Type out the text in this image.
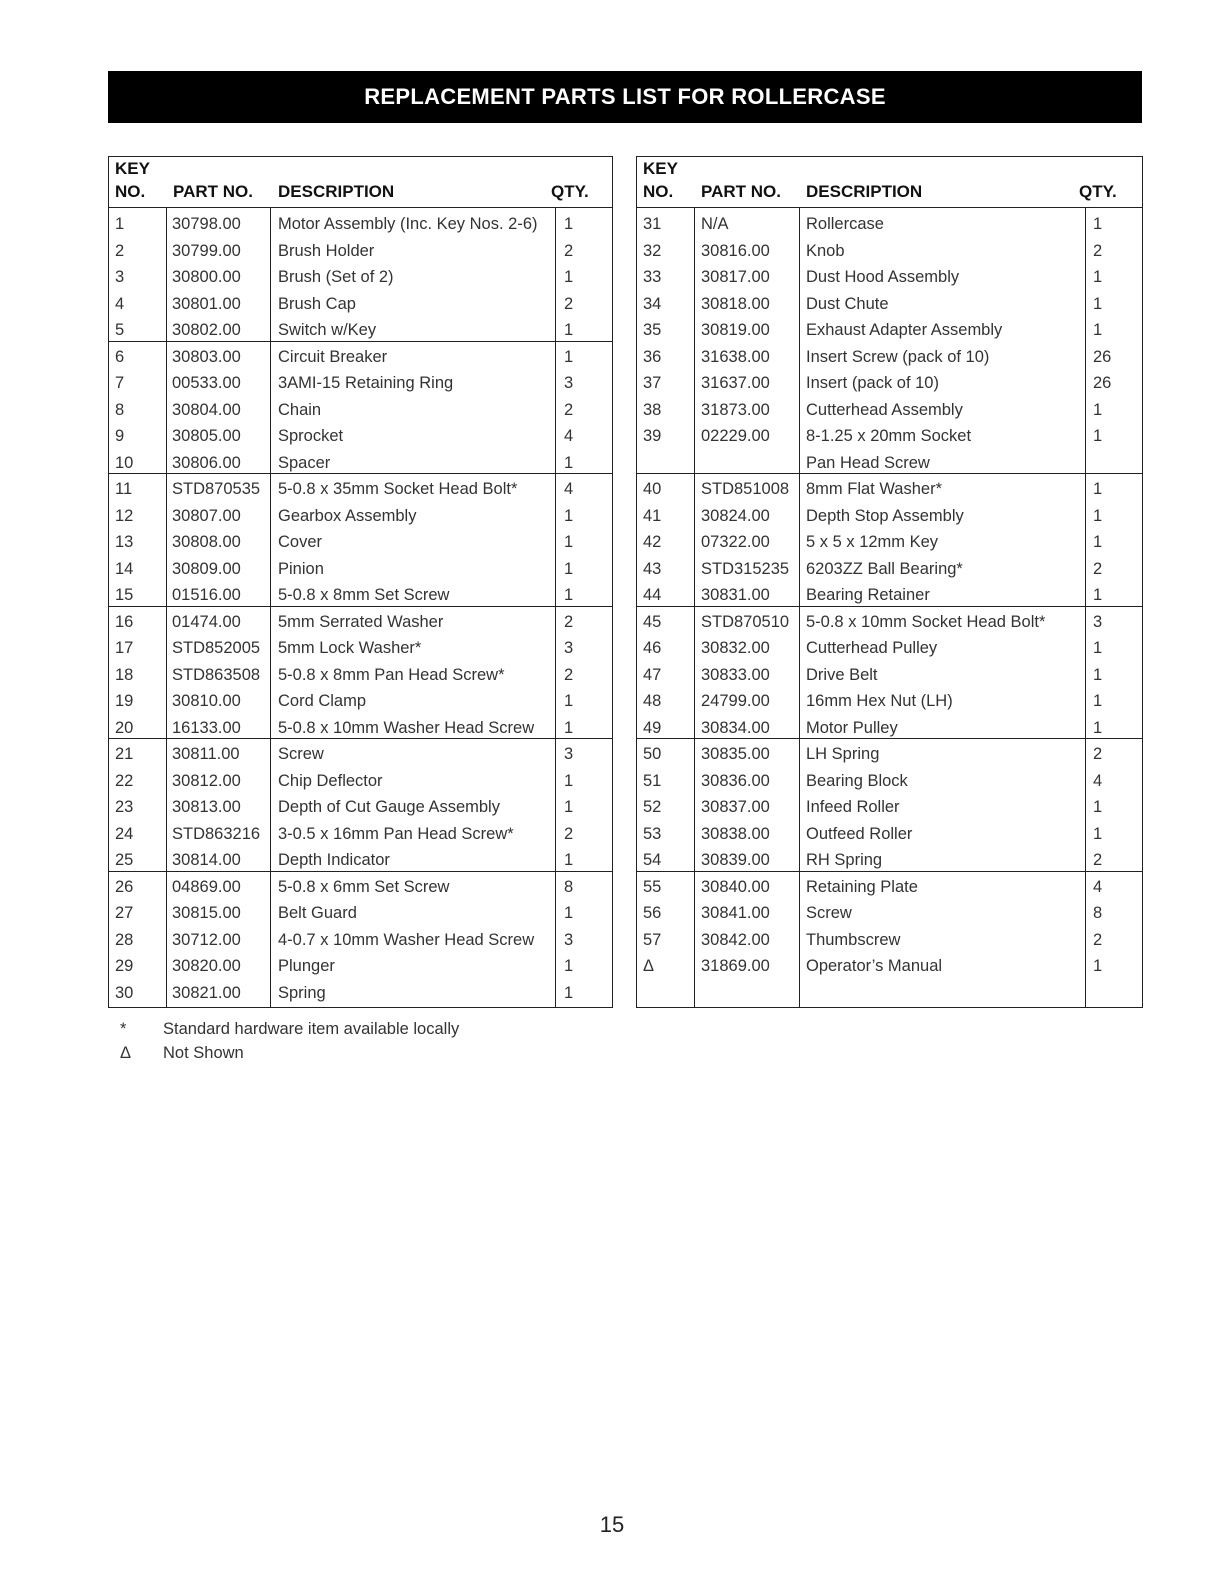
REPLACEMENT PARTS LIST FOR ROLLERCASE
KEY
NO. PART NO. DESCRIPTION	QTY.
1	30798.00 Motor Assembly (Inc. Key Nos. 2-6) 1
2	30799.00 Brush Holder	2
3	30800.00 Brush (Set of 2)	1
4	30801.00 Brush Cap	2
5	30802.00 Switch w/Key	1
6	30803.00 Circuit Breaker	1
7	00533.00 3AMI-15 Retaining Ring	3
8	30804.00 Chain	2
9	30805.00 Sprocket	4
10 30806.00 Spacer	1
11 STD870535 5-0.8 x 35mm Socket Head Bolt*	4
12 30807.00 Gearbox Assembly	1
13 30808.00 Cover	1
14 30809.00 Pinion	1
15 01516.00 5-0.8 x 8mm Set Screw	1
16 01474.00 5mm Serrated Washer	2
17 STD852005 5mm Lock Washer*	3
18 STD863508 5-0.8 x 8mm Pan Head Screw*	2
19 30810.00 Cord Clamp	1
20 16133.00 5-0.8 x 10mm Washer Head Screw 1
21 30811.00 Screw	3
22 30812.00 Chip Deflector	1
23 30813.00 Depth of Cut Gauge Assembly	1
24 STD863216 3-0.5 x 16mm Pan Head Screw*	2
25 30814.00 Depth Indicator	1
26 04869.00 5-0.8 x 6mm Set Screw	8
27 30815.00 Belt Guard	1
28 30712.00 4-0.7 x 10mm Washer Head Screw 3
29 30820.00 Plunger	1
30 30821.00 Spring	1
KEY
NO. PART NO. DESCRIPTION	QTY.
31 N/A	Rollercase	1
32 30816.00 Knob	2
33 30817.00 Dust Hood Assembly	1
34 30818.00 Dust Chute	1
35 30819.00 Exhaust Adapter Assembly	1
36 31638.00 Insert Screw (pack of 10)	26
37 31637.00 Insert (pack of 10)	26
38 31873.00 Cutterhead Assembly	1
39 02229.00 8-1.25 x 20mm Socket	1
Pan Head Screw
40 STD851008 8mm Flat Washer*	1
41 30824.00 Depth Stop Assembly	1
42 07322.00 5 x 5 x 12mm Key	1
43 STD315235 6203ZZ Ball Bearing*	2
44 30831.00 Bearing Retainer	1
45 STD870510 5-0.8 x 10mm Socket Head Bolt*	3
46 30832.00 Cutterhead Pulley	1
47 30833.00 Drive Belt	1
48 24799.00 16mm Hex Nut (LH)	1
49 30834.00 Motor Pulley	1
50 30835.00 LH Spring	2
51 30836.00 Bearing Block	4
52 30837.00 Infeed Roller	1
53 30838.00 Outfeed Roller	1
54 30839.00 RH Spring	2
55 30840.00 Retaining Plate	4
56 30841.00 Screw	8
57 30842.00 Thumbscrew	2
Δ	31869.00 Operator’s Manual	1
* Standard hardware item available locally
Δ Not Shown
15
